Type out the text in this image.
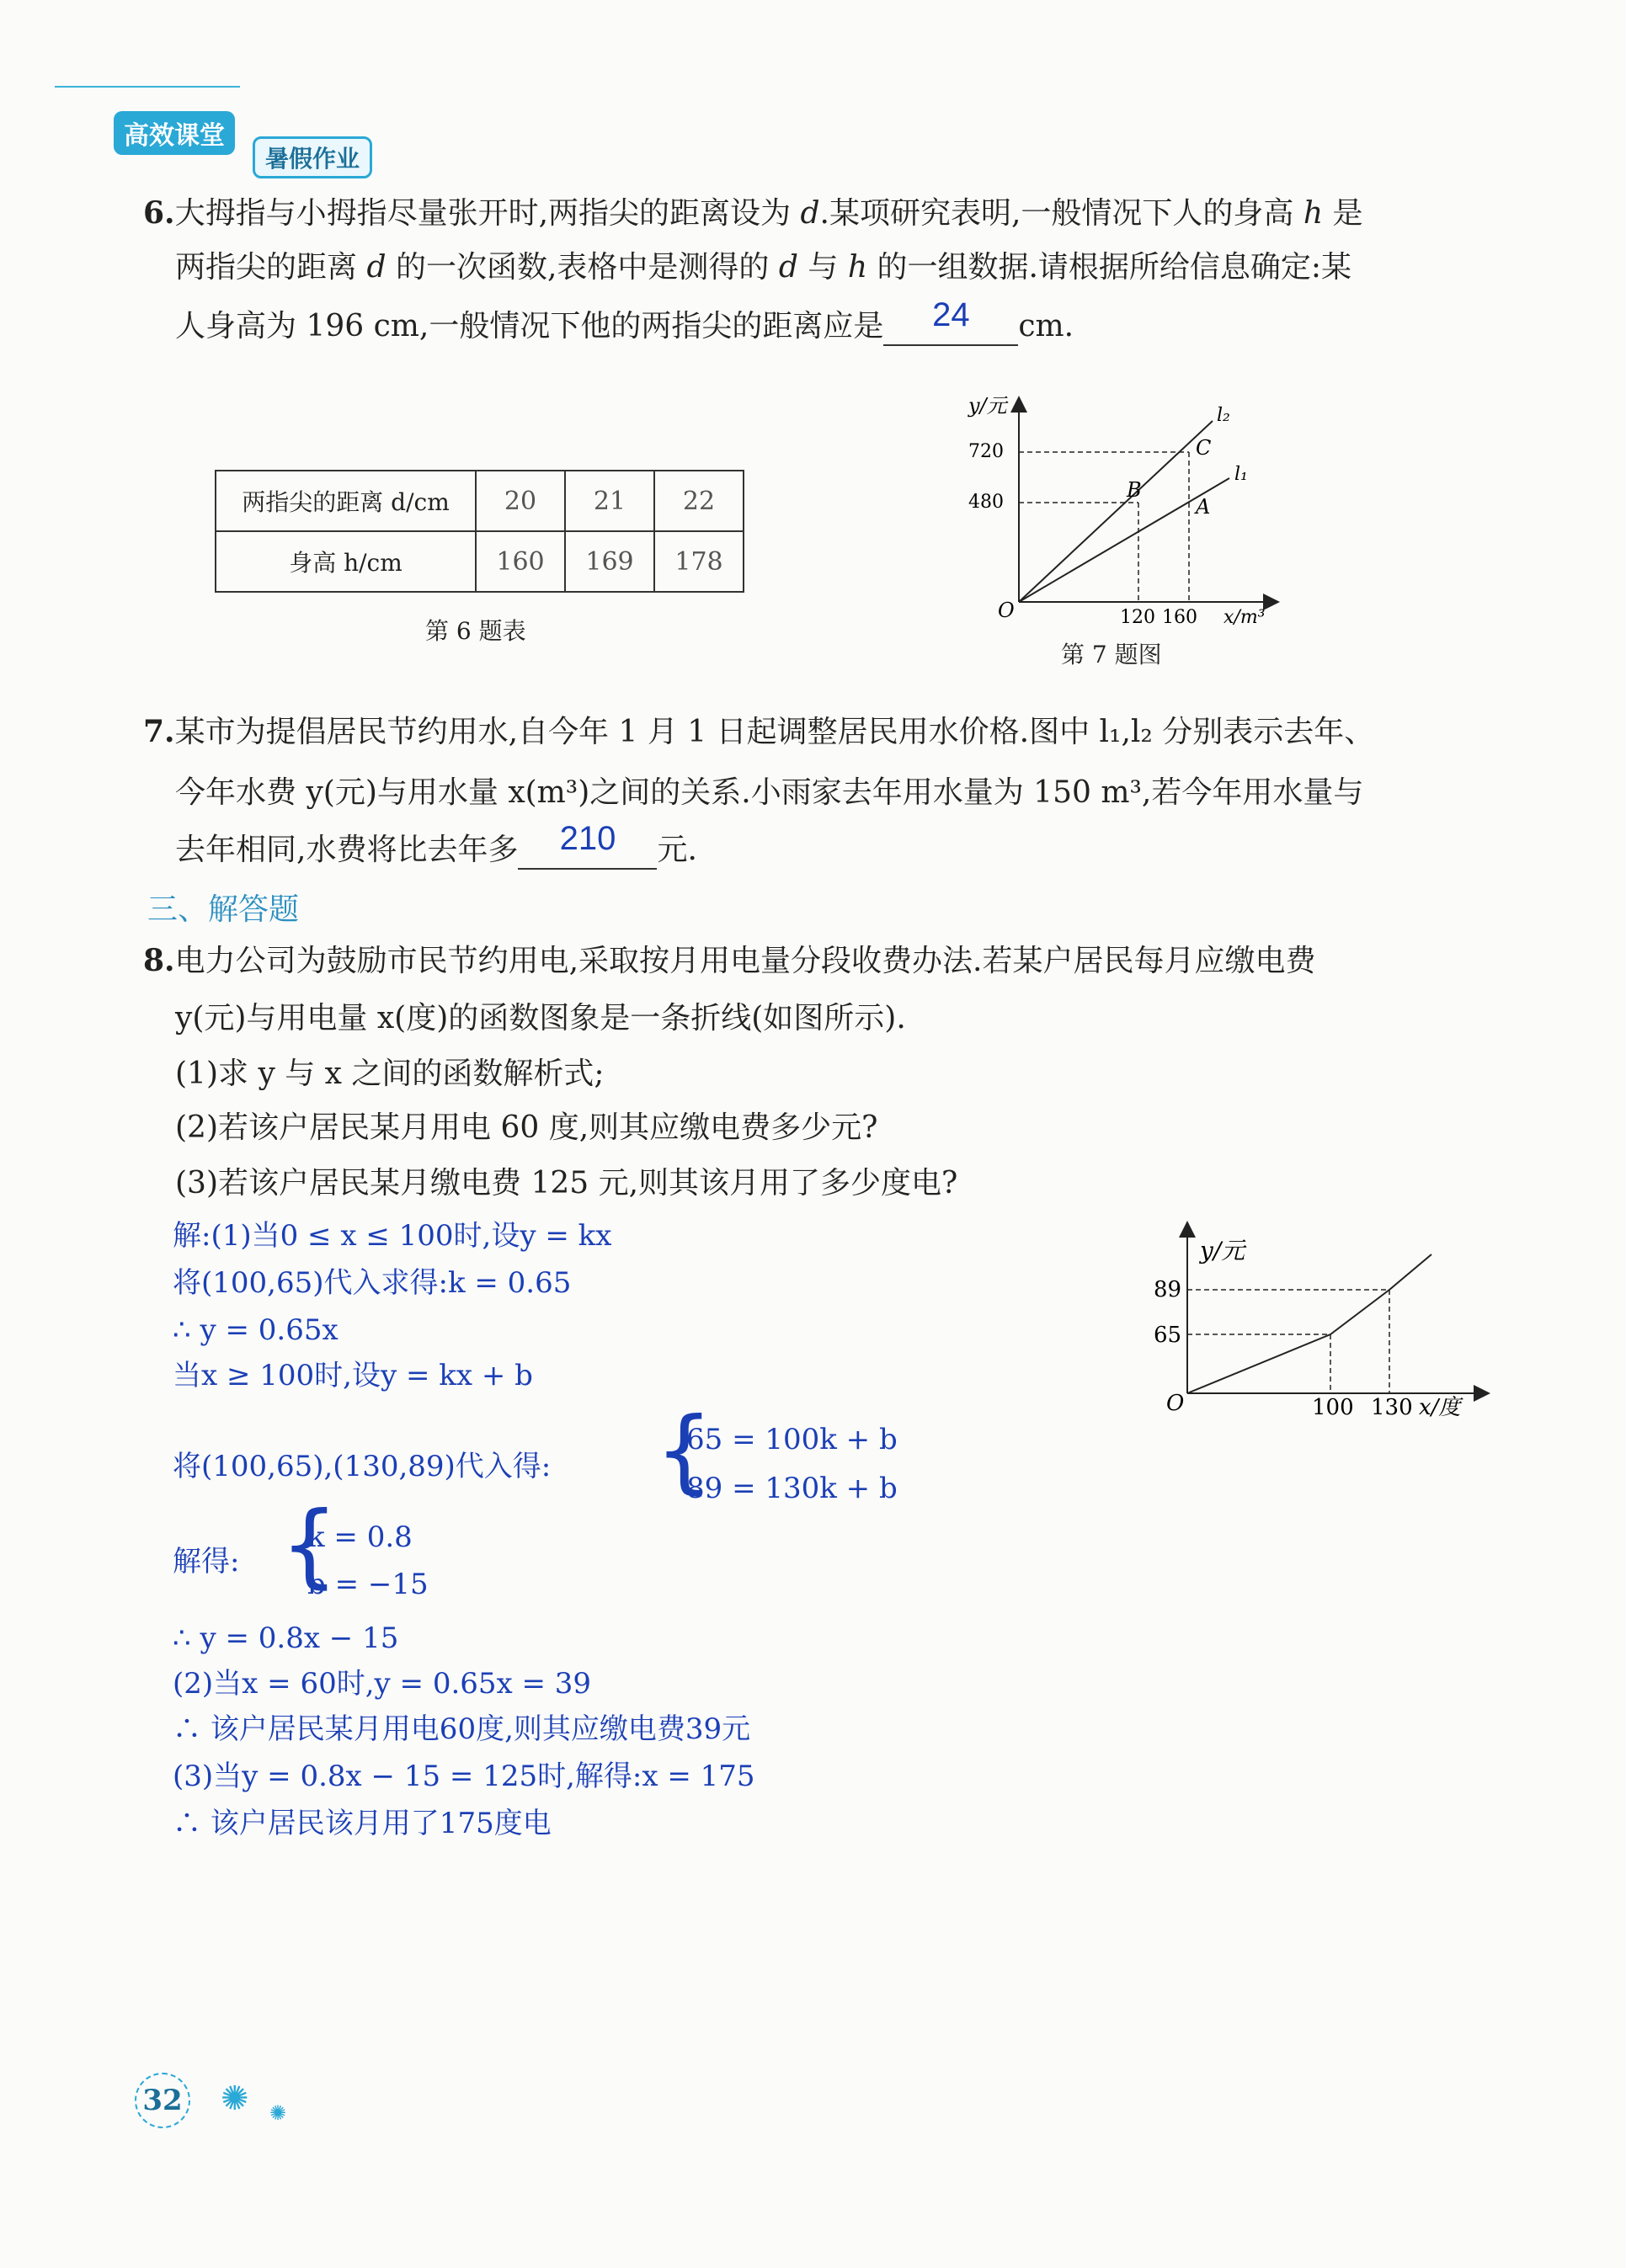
高效课堂
暑假作业
6.大拇指与小拇指尽量张开时,两指尖的距离设为 d.某项研究表明,一般情况下人的身高 h 是
两指尖的距离 d 的一次函数,表格中是测得的 d 与 h 的一组数据.请根据所给信息确定:某
人身高为 196 cm,一般情况下他的两指尖的距离应是	24	cm.
两指尖的距离 d/cm	20	21	22
身高 h/cm	160	169	178
第 6 题表
y/元
x/m³
O
720
480
120 160
l₂
l₁
C
B
A
第 7 题图
7.某市为提倡居民节约用水,自今年 1 月 1 日起调整居民用水价格.图中 l₁,l₂ 分别表示去年、
今年水费 y(元)与用水量 x(m³)之间的关系.小雨家去年用水量为 150 m³,若今年用水量与
去年相同,水费将比去年多	210	元.
三、解答题
8.电力公司为鼓励市民节约用电,采取按月用电量分段收费办法.若某户居民每月应缴电费
y(元)与用电量 x(度)的函数图象是一条折线(如图所示).
(1)求 y 与 x 之间的函数解析式;
(2)若该户居民某月用电 60 度,则其应缴电费多少元?
(3)若该户居民某月缴电费 125 元,则其该月用了多少度电?
y/元
x/度
O
89
65
100 130
解:(1)当0 ≤ x ≤ 100时,设y = kx
将(100,65)代入求得:k = 0.65
∴ y = 0.65x
当x ≥ 100时,设y = kx + b
将(100,65),(130,89)代入得: {
65 = 100k + b
89 = 130k + b
解得: {
k = 0.8
b = −15
∴ y = 0.8x − 15
(2)当x = 60时,y = 0.65x = 39
∴ 该户居民某月用电60度,则其应缴电费39元
(3)当y = 0.8x − 15 = 125时,解得:x = 175
∴ 该户居民该月用了175度电
32 ✺ ✺
